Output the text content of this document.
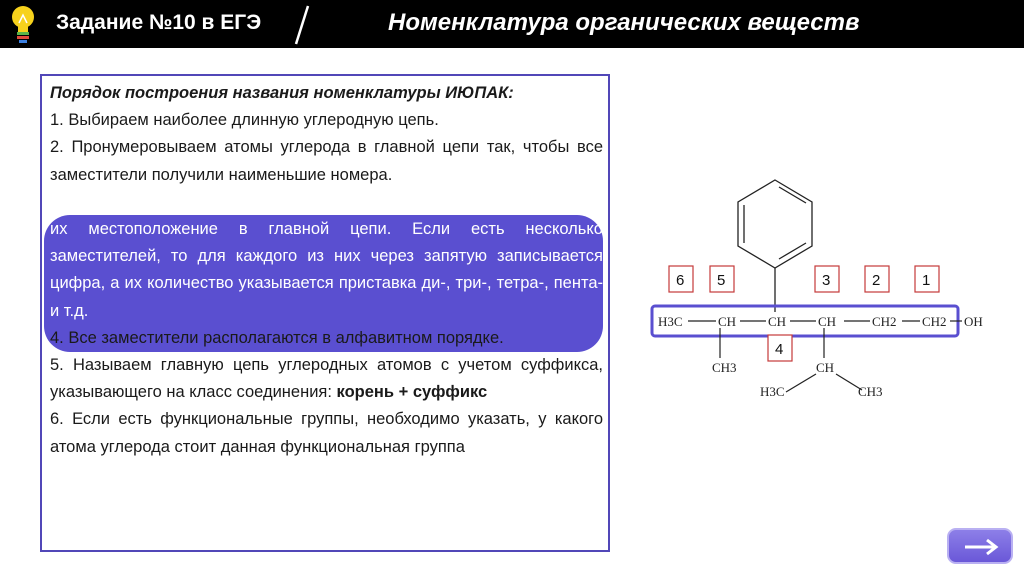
Задание №10 в ЕГЭ	Номенклатура органических веществ

Порядок построения названия номенклатуры ИЮПАК:

1. Выбираем наиболее длинную углеродную цепь.

2. Пронумеровываем атомы углерода в главной цепи так, чтобы все заместители получили наименьшие номера.

3. Называем все заместители, указав впереди цифры, обозначающие их местоположение в главной цепи. Если есть несколько заместителей, то для каждого из них через запятую записывается цифра, а их количество указывается приставка ди-, три-, тетра-, пента- и т.д.

4. Все заместители располагаются в алфавитном порядке.

5. Называем главную цепь углеродных атомов с учетом суффикса, указывающего на класс соединения: корень + суффикс

6. Если есть функциональные группы, необходимо указать, у какого атома углерода стоит данная функциональная группа

H3C	CH CH CH	CH2 CH2 OH
CH3	CH
H3C	CH3
6 5
4
3	2	1
